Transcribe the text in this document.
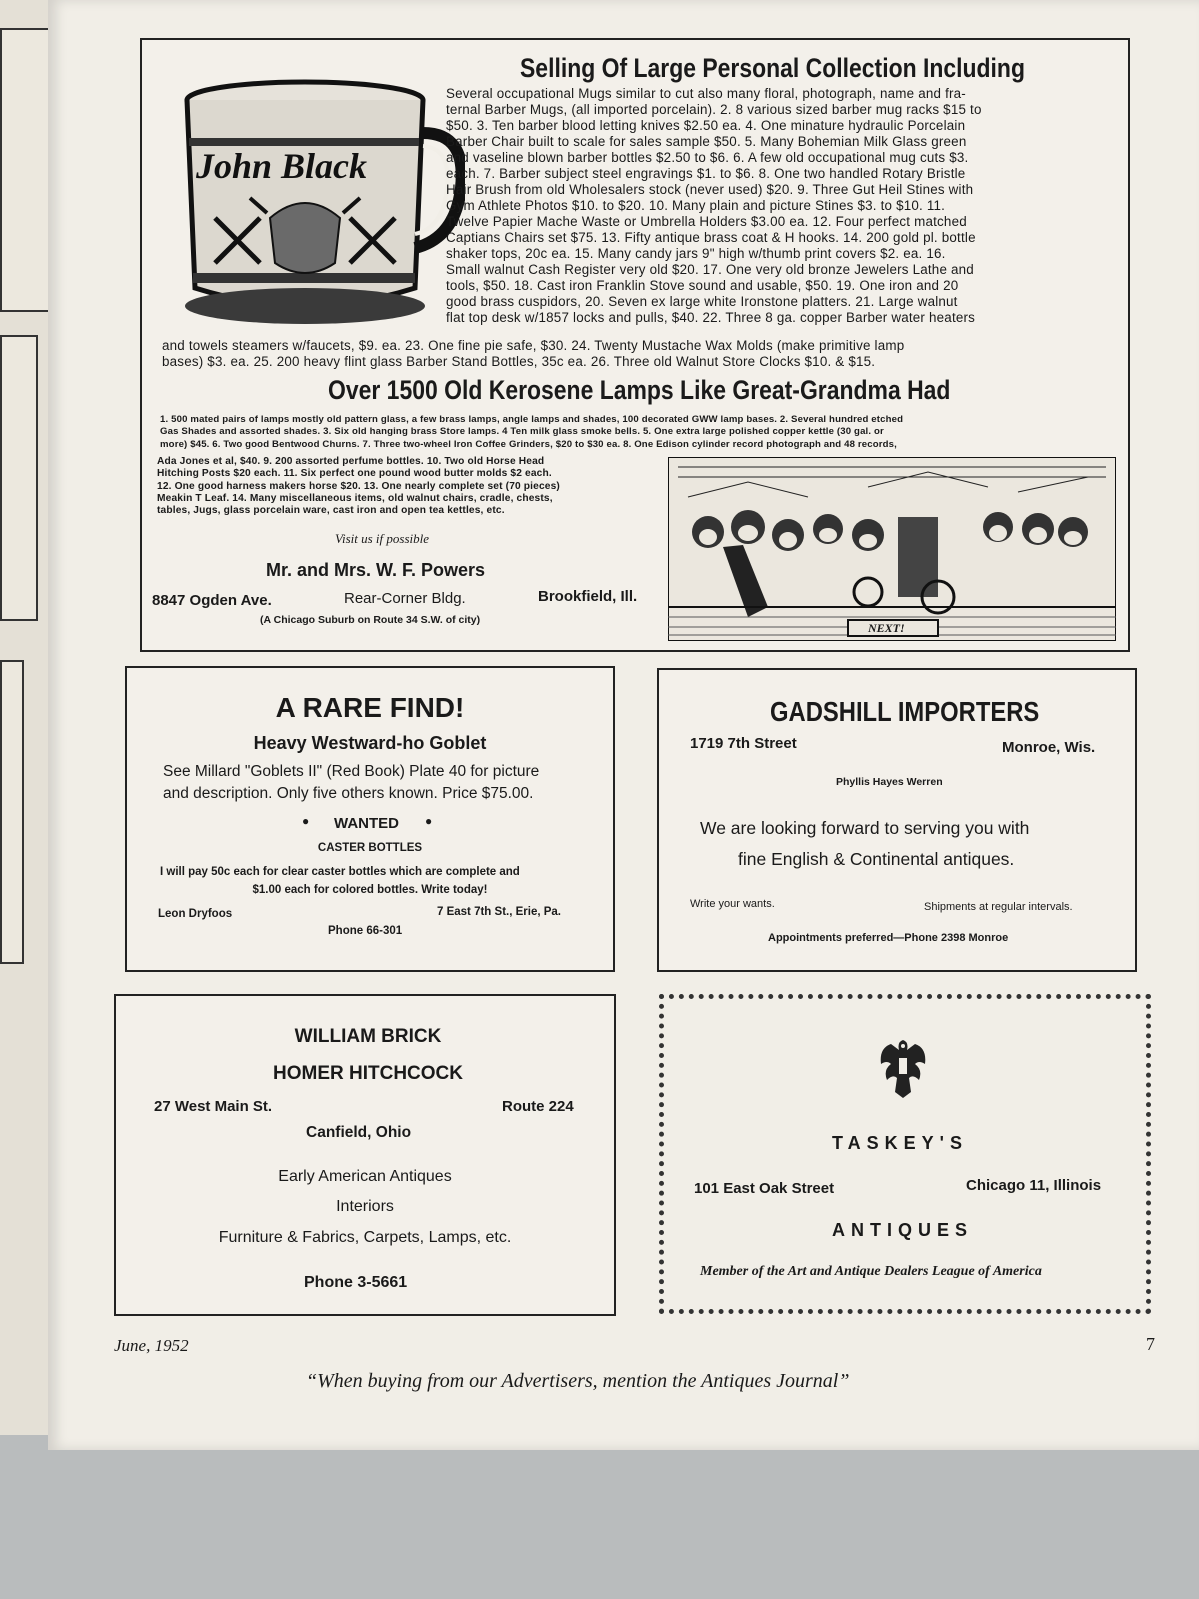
John Black
Selling Of Large Personal Collection Including
Several occupational Mugs similar to cut also many floral, photograph, name and fra-
ternal Barber Mugs, (all imported porcelain). 2. 8 various sized barber mug racks $15 to
$50. 3. Ten barber blood letting knives $2.50 ea. 4. One minature hydraulic Porcelain
Barber Chair built to scale for sales sample $50. 5. Many Bohemian Milk Glass green
and vaseline blown barber bottles $2.50 to $6. 6. A few old occupational mug cuts $3.
each. 7. Barber subject steel engravings $1. to $6. 8. One two handled Rotary Bristle
Hair Brush from old Wholesalers stock (never used) $20. 9. Three Gut Heil Stines with
Gym Athlete Photos $10. to $20. 10. Many plain and picture Stines $3. to $10. 11.
Twelve Papier Mache Waste or Umbrella Holders $3.00 ea. 12. Four perfect matched
Captians Chairs set $75. 13. Fifty antique brass coat & H hooks. 14. 200 gold pl. bottle
shaker tops, 20c ea. 15. Many candy jars 9" high w/thumb print covers $2. ea. 16.
Small walnut Cash Register very old $20. 17. One very old bronze Jewelers Lathe and
tools, $50. 18. Cast iron Franklin Stove sound and usable, $50. 19. One iron and 20
good brass cuspidors, 20. Seven ex large white Ironstone platters. 21. Large walnut
flat top desk w/1857 locks and pulls, $40. 22. Three 8 ga. copper Barber water heaters
and towels steamers w/faucets, $9. ea. 23. One fine pie safe, $30. 24. Twenty Mustache Wax Molds (make primitive lamp
bases) $3. ea. 25. 200 heavy flint glass Barber Stand Bottles, 35c ea. 26. Three old Walnut Store Clocks $10. & $15.
Over 1500 Old Kerosene Lamps Like Great-Grandma Had
1. 500 mated pairs of lamps mostly old pattern glass, a few brass lamps, angle lamps and shades, 100 decorated GWW lamp bases. 2. Several hundred etched
Gas Shades and assorted shades. 3. Six old hanging brass Store lamps. 4 Ten milk glass smoke bells. 5. One extra large polished copper kettle (30 gal. or
more) $45. 6. Two good Bentwood Churns. 7. Three two-wheel Iron Coffee Grinders, $20 to $30 ea. 8. One Edison cylinder record photograph and 48 records,
Ada Jones et al, $40. 9. 200 assorted perfume bottles. 10. Two old Horse Head
Hitching Posts $20 each. 11. Six perfect one pound wood butter molds $2 each.
12. One good harness makers horse $20. 13. One nearly complete set (70 pieces)
Meakin T Leaf. 14. Many miscellaneous items, old walnut chairs, cradle, chests,
tables, Jugs, glass porcelain ware, cast iron and open tea kettles, etc.
NEXT!
Visit us if possible
Mr. and Mrs. W. F. Powers
8847 Ogden Ave.	Rear-Corner Bldg.	Brookfield, Ill.
(A Chicago Suburb on Route 34 S.W. of city)
A RARE FIND!
Heavy Westward-ho Goblet
See Millard "Goblets II" (Red Book) Plate 40 for picture
and description. Only five others known. Price $75.00.
● WANTED ●
CASTER BOTTLES
I will pay 50c each for clear caster bottles which are complete and
$1.00 each for colored bottles. Write today!
Leon Dryfoos	7 East 7th St., Erie, Pa.
Phone 66-301
GADSHILL IMPORTERS
1719 7th Street	Monroe, Wis.
Phyllis Hayes Werren
We are looking forward to serving you with
fine English & Continental antiques.
Write your wants.	Shipments at regular intervals.
Appointments preferred—Phone 2398 Monroe
WILLIAM BRICK
HOMER HITCHCOCK
27 West Main St.	Route 224
Canfield, Ohio
Early American Antiques
Interiors
Furniture & Fabrics, Carpets, Lamps, etc.
Phone 3-5661
TASKEY'S
101 East Oak Street	Chicago 11, Illinois
ANTIQUES
Member of the Art and Antique Dealers League of America
June, 1952	7
“When buying from our Advertisers, mention the Antiques Journal”
